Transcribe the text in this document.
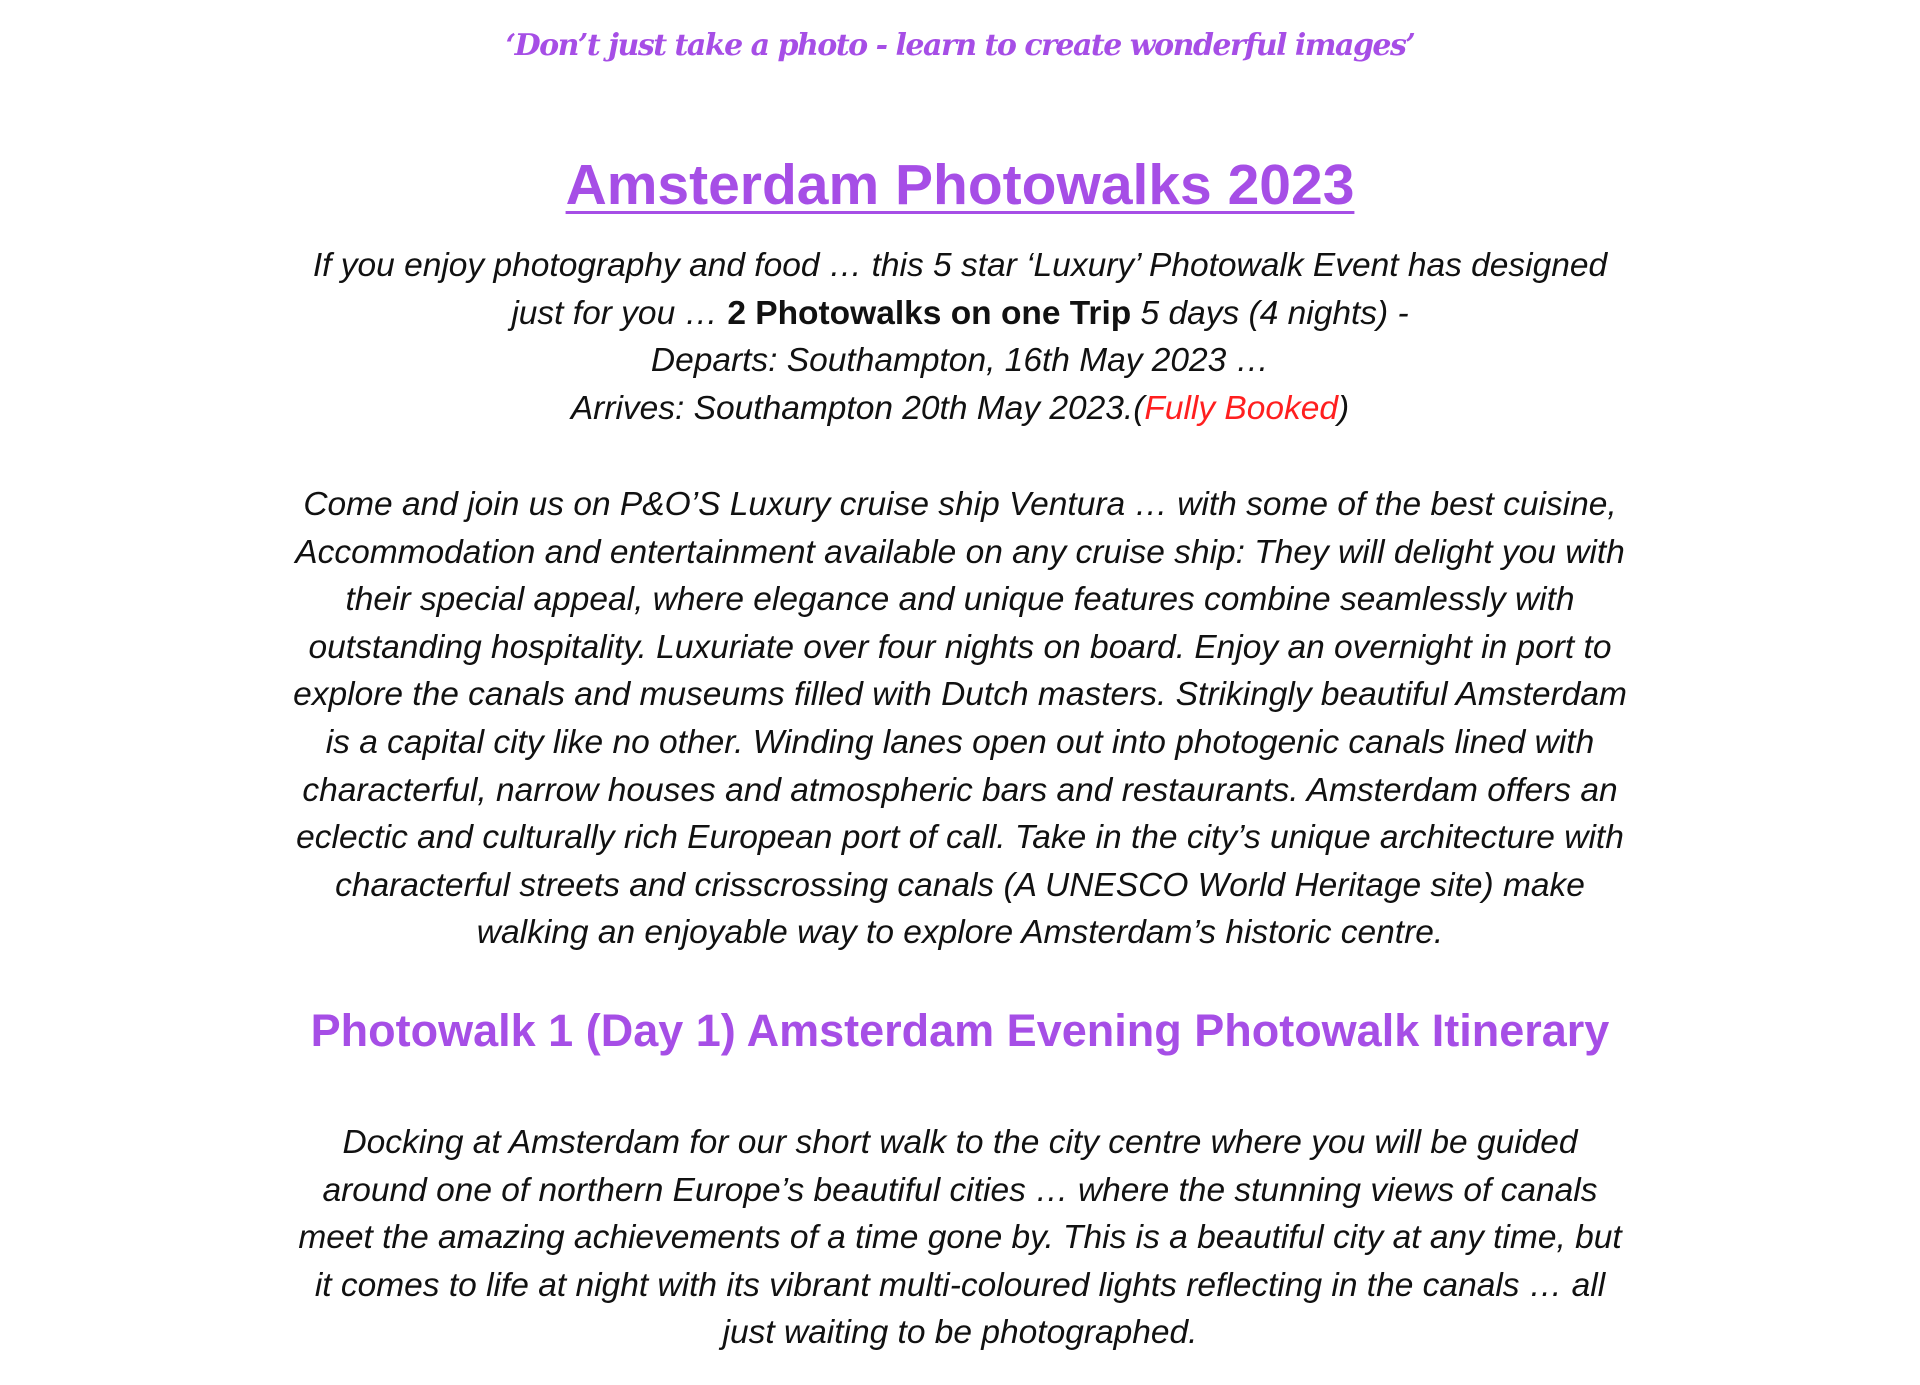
‘Don’t just take a photo - learn to create wonderful images’
Amsterdam Photowalks 2023

If you enjoy photography and food … this 5 star ‘Luxury’ Photowalk Event has designed
just for you … 2 Photowalks on one Trip 5 days (4 nights) -
Departs: Southampton, 16th May 2023 …
Arrives: Southampton 20th May 2023.(Fully Booked)

Come and join us on P&O’S Luxury cruise ship Ventura … with some of the best cuisine,
Accommodation and entertainment available on any cruise ship: They will delight you with
their special appeal, where elegance and unique features combine seamlessly with
outstanding hospitality. Luxuriate over four nights on board. Enjoy an overnight in port to
explore the canals and museums filled with Dutch masters. Strikingly beautiful Amsterdam
is a capital city like no other. Winding lanes open out into photogenic canals lined with
characterful, narrow houses and atmospheric bars and restaurants. Amsterdam offers an
eclectic and culturally rich European port of call. Take in the city’s unique architecture with
characterful streets and crisscrossing canals (A UNESCO World Heritage site) make
walking an enjoyable way to explore Amsterdam’s historic centre.

Photowalk 1 (Day 1) Amsterdam Evening Photowalk Itinerary

Docking at Amsterdam for our short walk to the city centre where you will be guided
around one of northern Europe’s beautiful cities … where the stunning views of canals
meet the amazing achievements of a time gone by. This is a beautiful city at any time, but
it comes to life at night with its vibrant multi-coloured lights reflecting in the canals … all
just waiting to be photographed.
